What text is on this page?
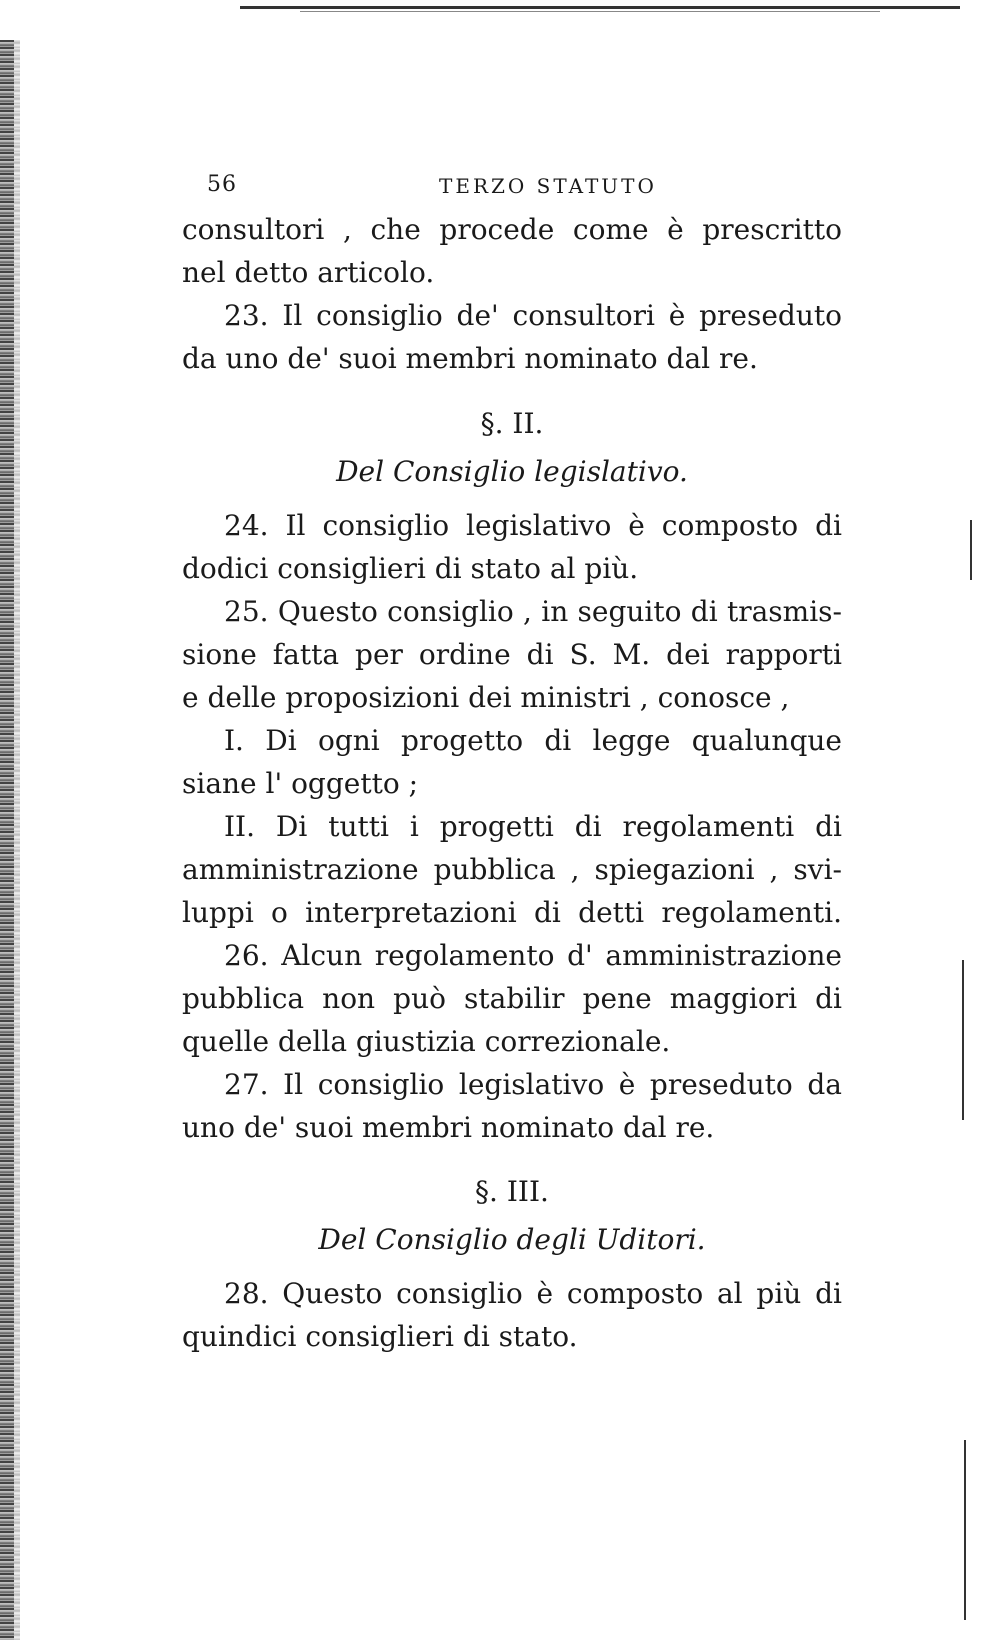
56	TERZO STATUTO
consultori , che procede come è prescritto
nel detto articolo.
23. Il consiglio de' consultori è preseduto
da uno de' suoi membri nominato dal re.
§. II.
Del Consiglio legislativo.
24. Il consiglio legislativo è composto di
dodici consiglieri di stato al più.
25. Questo consiglio , in seguito di trasmis-
sione fatta per ordine di S. M. dei rapporti
e delle proposizioni dei ministri , conosce ,
I. Di ogni progetto di legge qualunque
siane l' oggetto ;
II. Di tutti i progetti di regolamenti di
amministrazione pubblica , spiegazioni , svi-
luppi o interpretazioni di detti regolamenti.
26. Alcun regolamento d' amministrazione
pubblica non può stabilir pene maggiori di
quelle della giustizia correzionale.
27. Il consiglio legislativo è preseduto da
uno de' suoi membri nominato dal re.
§. III.
Del Consiglio degli Uditori.
28. Questo consiglio è composto al più di
quindici consiglieri di stato.
